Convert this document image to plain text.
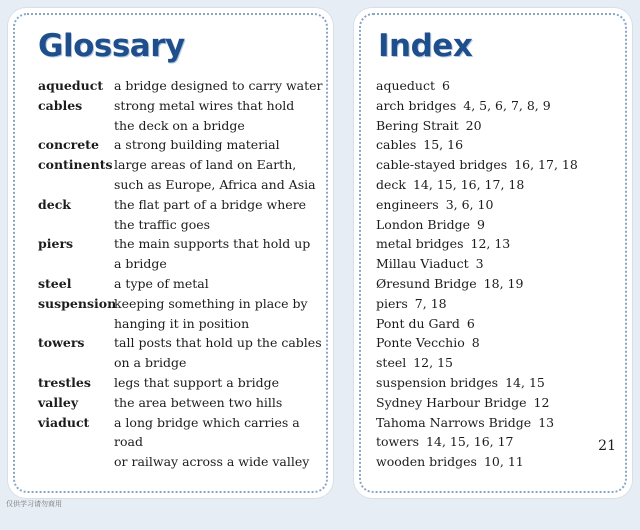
Glossary
aqueduct a bridge designed to carry water
cables	strong metal wires that hold
the deck on a bridge
concrete	a strong building material
continents large areas of land on Earth,
such as Europe, Africa and Asia
deck	the flat part of a bridge where
the traffic goes
piers	the main supports that hold up
a bridge
steel	a type of metal
suspension
keeping something in place by
hanging it in position
towers	tall posts that hold up the cables
on a bridge
trestles	legs that support a bridge
valley	the area between two hills
viaduct	a long bridge which carries a road
or railway across a wide valley
Index
aqueduct 6
arch bridges 4, 5, 6, 7, 8, 9
Bering Strait 20
cables 15, 16
cable-stayed bridges 16, 17, 18
deck 14, 15, 16, 17, 18
engineers 3, 6, 10
London Bridge 9
metal bridges 12, 13
Millau Viaduct 3
Øresund Bridge 18, 19
piers 7, 18
Pont du Gard 6
Ponte Vecchio 8
steel 12, 15
suspension bridges 14, 15
Sydney Harbour Bridge 12
Tahoma Narrows Bridge 13
towers 14, 15, 16, 17
wooden bridges 10, 11
21
仅供学习请勿商用
